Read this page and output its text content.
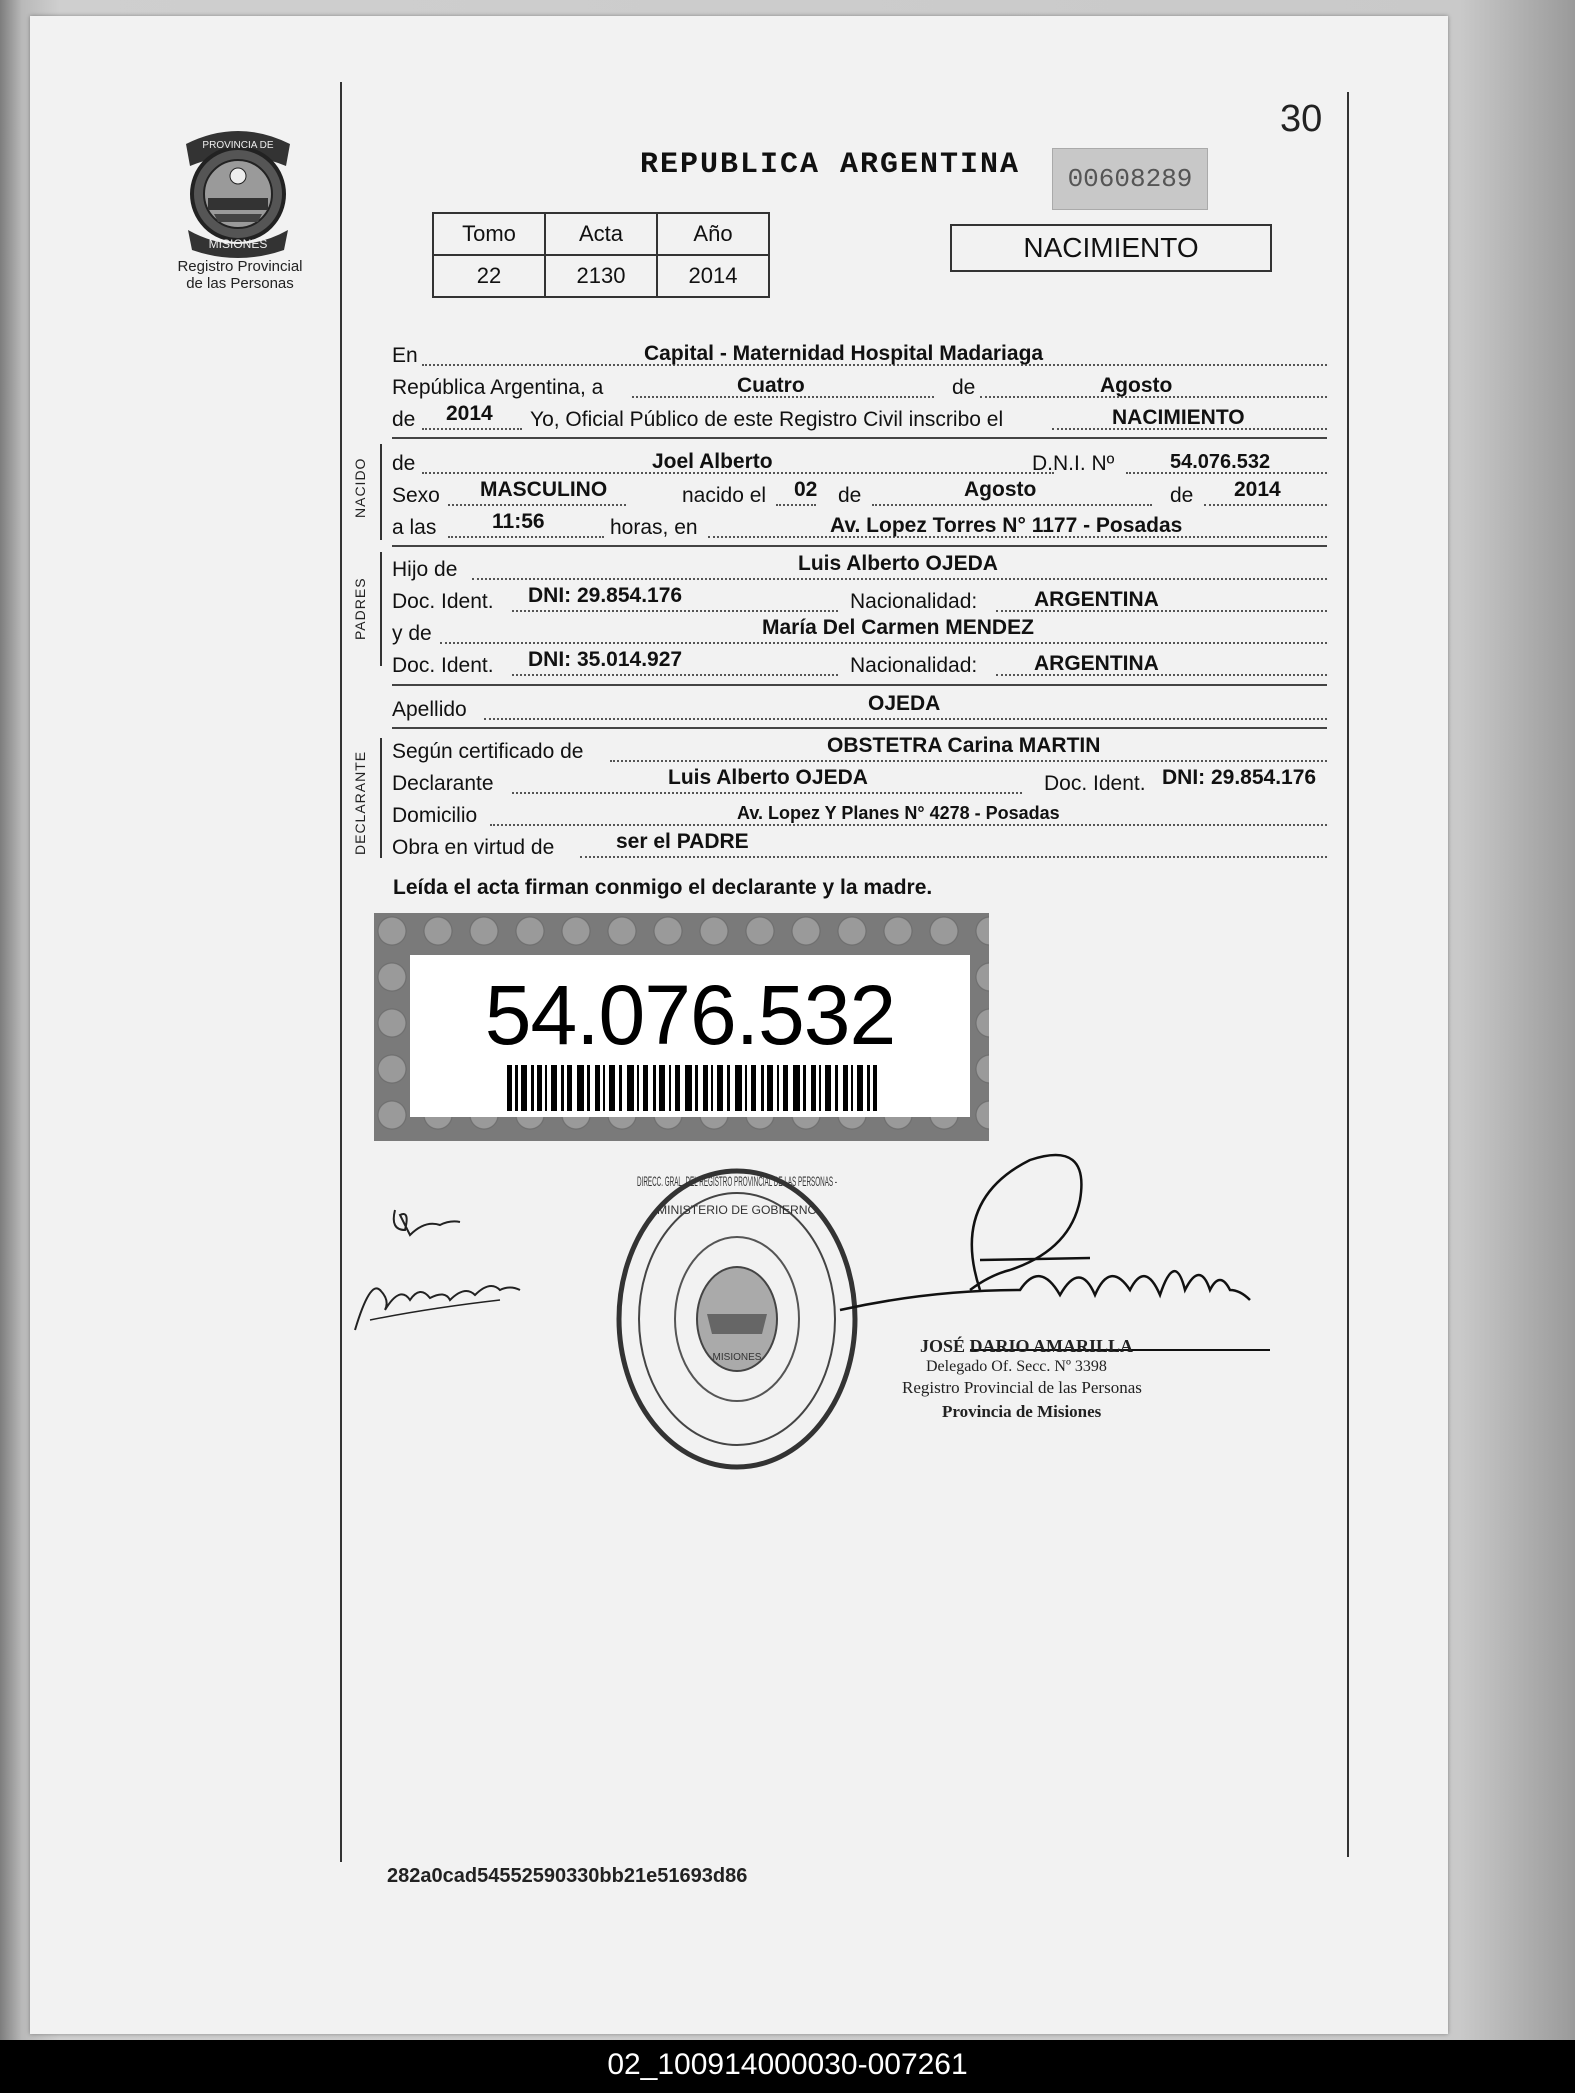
PROVINCIA DE
MISIONES
Registro Provincial
de las Personas
30
REPUBLICA ARGENTINA	00608289
Tomo	Acta	Año
22	2130	2014
NACIMIENTO
En	Capital - Maternidad Hospital Madariaga
República Argentina, a	Cuatro	de	Agosto
de 2014 Yo, Oficial Público de este Registro Civil inscribo el	NACIMIENTO
NACIDO de	Joel Alberto	D.N.I. Nº	54.076.532
Sexo MASCULINO	nacido el 02 de	Agosto	de 2014
a las	11:56	horas, en	Av. Lopez Torres N° 1177 - Posadas
PADRES
Hijo de	Luis Alberto OJEDA
Doc. Ident. DNI: 29.854.176	Nacionalidad:	ARGENTINA
y de	María Del Carmen MENDEZ
Doc. Ident. DNI: 35.014.927	Nacionalidad:	ARGENTINA
Apellido	OJEDA
DECLARANTE Según certificado de	OBSTETRA Carina MARTIN
Declarante	Luis Alberto OJEDA	Doc. Ident. DNI: 29.854.176
Domicilio	Av. Lopez Y Planes N° 4278 - Posadas
Obra en virtud de	ser el PADRE
Leída el acta firman conmigo el declarante y la madre.
54.076.532
DIRECC. GRAL. DEL REGISTRO PROVINCIAL DE LAS PERSONAS -
MINISTERIO DE GOBIERNO
MISIONES
JOSÉ DARIO AMARILLA
Delegado Of. Secc. Nº 3398
Registro Provincial de las Personas
Provincia de Misiones
282a0cad54552590330bb21e51693d86
02_100914000030-007261
